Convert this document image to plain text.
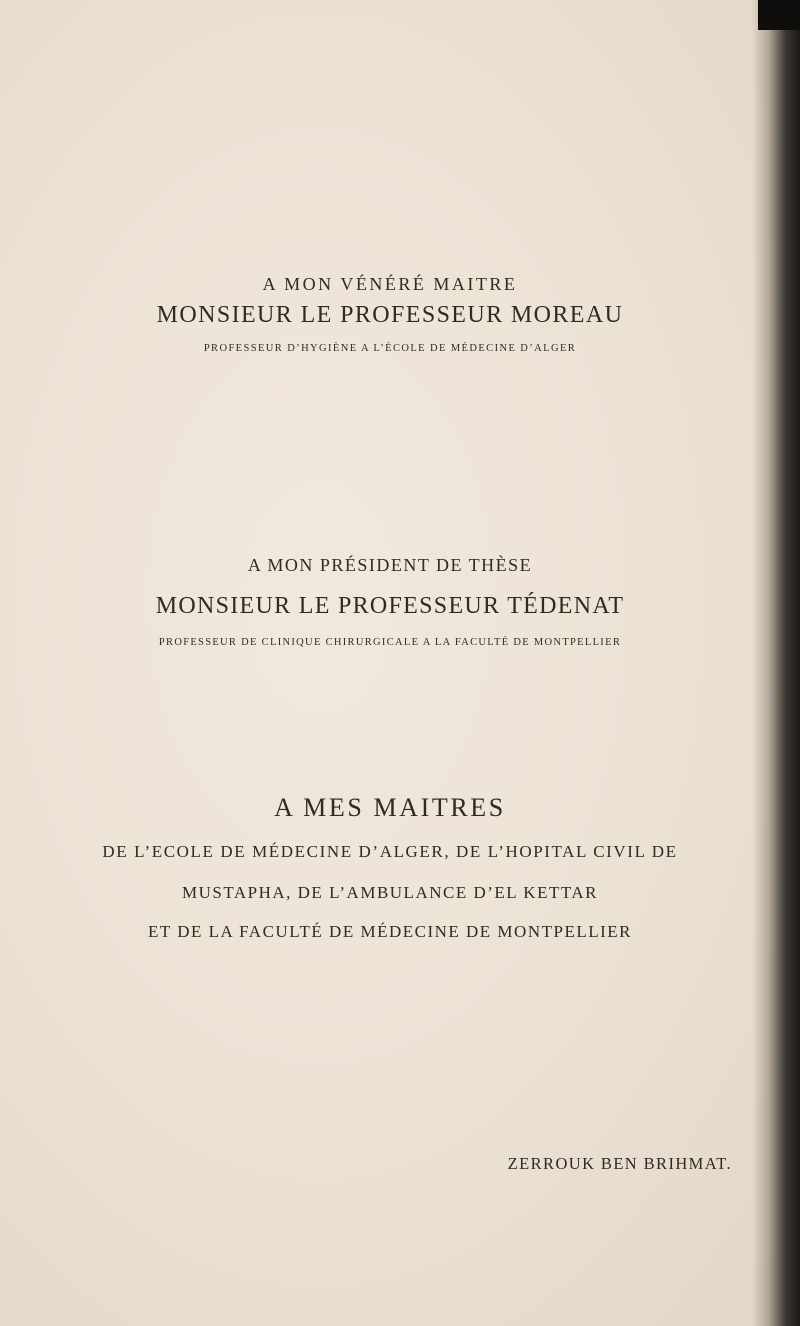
A MON VÉNÉRÉ MAITRE

MONSIEUR LE PROFESSEUR MOREAU

PROFESSEUR D’HYGIÈNE A L’ÉCOLE DE MÉDECINE D’ALGER

A MON PRÉSIDENT DE THÈSE

MONSIEUR LE PROFESSEUR TÉDENAT

PROFESSEUR DE CLINIQUE CHIRURGICALE A LA FACULTÉ DE MONTPELLIER

A MES MAITRES

DE L’ECOLE DE MÉDECINE D’ALGER, DE L’HOPITAL CIVIL DE

MUSTAPHA, DE L’AMBULANCE D’EL KETTAR

ET DE LA FACULTÉ DE MÉDECINE DE MONTPELLIER

ZERROUK BEN BRIHMAT.
